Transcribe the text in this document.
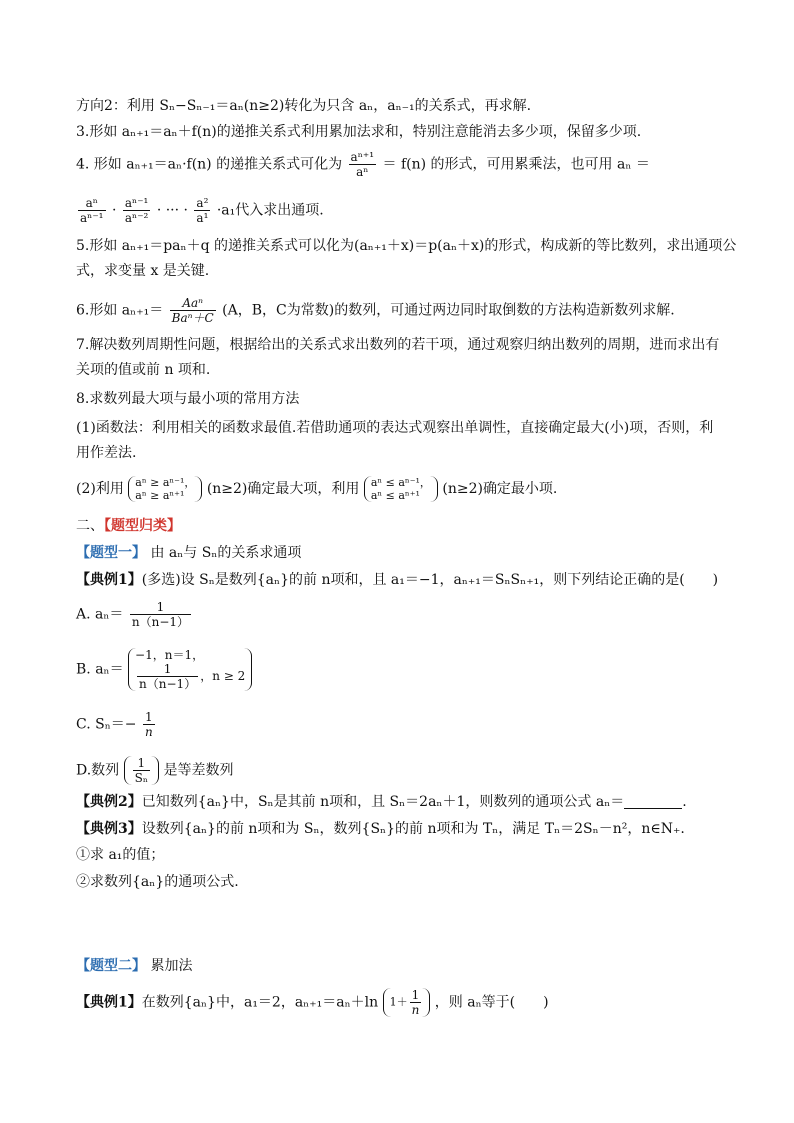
方向2：利用 Sₙ−Sₙ₋₁＝aₙ(n≥2)转化为只含 aₙ，aₙ₋₁的关系式，再求解.
3.形如 aₙ₊₁＝aₙ＋f(n)的递推关系式利用累加法求和，特别注意能消去多少项，保留多少项.
4. 形如 aₙ₊₁＝aₙ·f(n) 的递推关系式可化为 $\frac{\text{aⁿ⁺¹}}{\text{aⁿ}} = f(n)$ 的形式，可用累乘法，也可用 aₙ ＝
$\frac{\text{aⁿ}}{\text{aⁿ⁻¹}} \cdot \frac{\text{aⁿ⁻¹}}{\text{aⁿ⁻²}}$ · ··· · $\frac{\text{a²}}{\text{a¹}} \cdot a_1$代入求出通项.
5.形如 aₙ₊₁＝paₙ＋q 的递推关系式可以化为(aₙ₊₁＋x)＝p(aₙ＋x)的形式，构成新的等比数列，求出通项公
式，求变量 x 是关键.
6.形如 $a_{n+1}= \frac{\text{Aaⁿ}}{\text{Baⁿ＋C}} (A$，B，C为常数)的数列，可通过两边同时取倒数的方法构造新数列求解.
7.解决数列周期性问题，根据给出的关系式求出数列的若干项，通过观察归纳出数列的周期，进而求出有
关项的值或前 n 项和.
8.求数列最大项与最小项的常用方法
(1)函数法：利用相关的函数求最值.若借助通项的表达式观察出单调性，直接确定最大(小)项，否则，利
用作差法.
(2)利用 aⁿ ≥ aⁿ⁻¹，
aⁿ ≥ aⁿ⁺¹	(n≥2)确定最大项，利用 aⁿ ≤ aⁿ⁻¹，
aⁿ ≤ aⁿ⁺¹	(n≥2)确定最小项.
二、【题型归类】
【题型一】 由 aₙ与 Sₙ的关系求通项
【典例1】(多选)设 Sₙ是数列{aₙ}的前 n项和，且 a₁＝−1，aₙ₊₁＝SₙSₙ₊₁，则下列结论正确的是(　　)
A. $a_n= \frac{1}{n(n-1)}$
B. aₙ＝
−1，n＝1，
$\frac{1}{n(n-1)}$ ，n ≥ 2
C. $S_n=- \frac{1}{n}$
D.数列 $\frac{1}{\text{Sₙ}}$ 是等差数列
【典例2】已知数列{aₙ}中，Sₙ是其前 n项和，且 Sₙ＝2aₙ＋1，则数列的通项公式 aₙ＝	.
【典例3】设数列{aₙ}的前 n项和为 Sₙ，数列{Sₙ}的前 n项和为 Tₙ，满足 Tₙ＝2Sₙ－n²，n∈N₊.
①求 a₁的值；
②求数列{aₙ}的通项公式.
【题型二】 累加法
【典例1】在数列{aₙ}中，a₁＝2，aₙ₊₁＝aₙ＋ln $1+ \frac{1}{n}$ ，则 aₙ等于(　　)
